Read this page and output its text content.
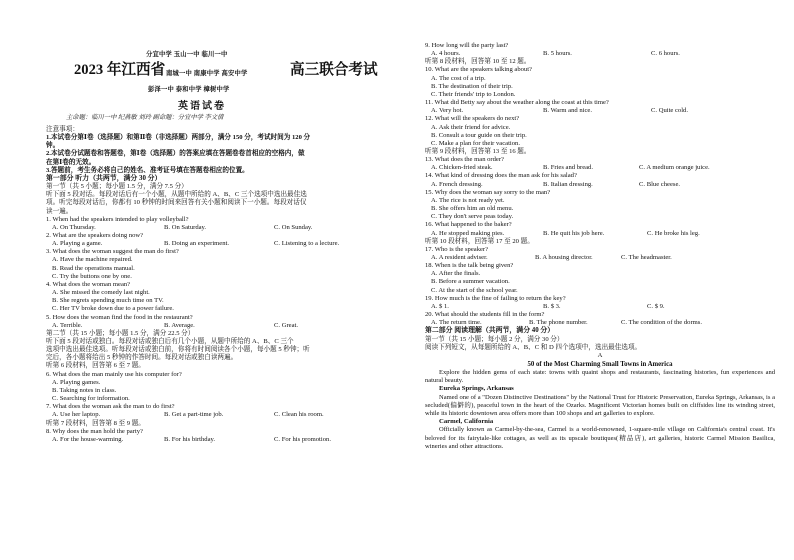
分宜中学 玉山一中 临川一中
2023 年江西省	高三联合考试
南城一中 南康中学 高安中学
彭泽一中 泰和中学 樟树中学
英语试卷
主命题：临川一中 纪燕敏 刘玲 副命题：分宜中学 李文倩
注意事项：
1.本试卷分第Ⅰ卷（选择题）和第Ⅱ卷（非选择题）两部分，满分 150 分，考试时间为 120 分
钟。
2.本试卷分试题卷和答题卷，第Ⅰ卷（选择题）的答案应填在答题卷卷首相应的空格内，做
在第Ⅰ卷的无效。
3.答题前，考生务必将自己的姓名、准考证号填在答题卷相应的位置。
第一部分 听力（共两节，满分 30 分）
第一节（共 5 小题；每小题 1.5 分，满分 7.5 分）
听下面 5 段对话。每段对话后有一个小题，从题中所给的 A、B、C 三个选项中选出最佳选
项。听完每段对话后，你都有 10 秒钟的时间来回答有关小题和阅读下一小题。每段对话仅
读一遍。
1. When had the speakers intended to play volleyball?
A. On Thursday.	B. On Saturday.	C. On Sunday.
2. What are the speakers doing now?
A. Playing a game.	B. Doing an experiment.	C. Listening to a lecture.
3. What does the woman suggest the man do first?
A. Have the machine repaired.
B. Read the operations manual.
C. Try the buttons one by one.
4. What does the woman mean?
A. She missed the comedy last night.
B. She regrets spending much time on TV.
C. Her TV broke down due to a power failure.
5. How does the woman find the food in the restaurant?
A. Terrible.	B. Average.	C. Great.
第二节（共 15 小题；每小题 1.5 分，满分 22.5 分）
听下面 5 段对话或独白。每段对话或独白后有几个小题，从题中所给的 A、B、C 三个
选项中选出最佳选项。听每段对话或独白前，你将有时间阅读各个小题，每小题 5 秒钟；听
完后，各小题将给出 5 秒钟的作答时间。每段对话或独白读两遍。
听第 6 段材料，回答第 6 至 7 题。
6. What does the man mainly use his computer for?
A. Playing games.
B. Taking notes in class.
C. Searching for information.
7. What does the woman ask the man to do first?
A. Use her laptop.	B. Get a part-time job.	C. Clean his room.
听第 7 段材料，回答第 8 至 9 题。
8. Why does the man hold the party?
A. For the house-warming.	B. For his birthday.	C. For his promotion.
9. How long will the party last?
A. 4 hours.	B. 5 hours.	C. 6 hours.
听第 8 段材料，回答第 10 至 12 题。
10. What are the speakers talking about?
A. The cost of a trip.
B. The destination of their trip.
C. Their friends' trip to London.
11. What did Betty say about the weather along the coast at this time?
A. Very hot.	B. Warm and nice.	C. Quite cold.
12. What will the speakers do next?
A. Ask their friend for advice.
B. Consult a tour guide on their trip.
C. Make a plan for their vacation.
听第 9 段材料，回答第 13 至 16 题。
13. What does the man order?
A. Chicken-fried steak.	B. Fries and bread.	C. A medium orange juice.
14. What kind of dressing does the man ask for his salad?
A. French dressing.	B. Italian dressing.	C. Blue cheese.
15. Why does the woman say sorry to the man?
A. The rice is not ready yet.
B. She offers him an old menu.
C. They don't serve peas today.
16. What happened to the baker?
A. He stopped making pies.	B. He quit his job here.	C. He broke his leg.
听第 10 段材料，回答第 17 至 20 题。
17. Who is the speaker?
A. A resident adviser.	B. A housing director.	C. The headmaster.
18. When is the talk being given?
A. After the finals.
B. Before a summer vacation.
C. At the start of the school year.
19. How much is the fine of failing to return the key?
A. $ 1.	B. $ 3.	C. $ 9.
20. What should the students fill in the form?
A. The return time.	B. The phone number.	C. The condition of the dorms.
第二部分 阅读理解（共两节，满分 40 分）
第一节（共 15 小题；每小题 2 分，满分 30 分）
阅读下列短文，从每题所给的 A、B、C 和 D 四个选项中，选出最佳选项。
A
50 of the Most Charming Small Towns in America
Explore the hidden gems of each state: towns with quaint shops and restaurants, fascinating histories, fun experiences and natural beauty.
Eureka Springs, Arkansas
Named one of a "Dozen Distinctive Destinations" by the National Trust for Historic Preservation, Eureka Springs, Arkansas, is a secluded(偏僻的), peaceful town in the heart of the Ozarks. Magnificent Victorian homes built on cliffsides line its winding street, while its historic downtown area offers more than 100 shops and art galleries to explore.
Carmel, California
Officially known as Carmel-by-the-sea, Carmel is a world-renowned, 1-square-mile village on California's central coast. It's beloved for its fairytale-like cottages, as well as its upscale boutiques(精品店), art galleries, historic Carmel Mission Basilica, wineries and other attractions.
